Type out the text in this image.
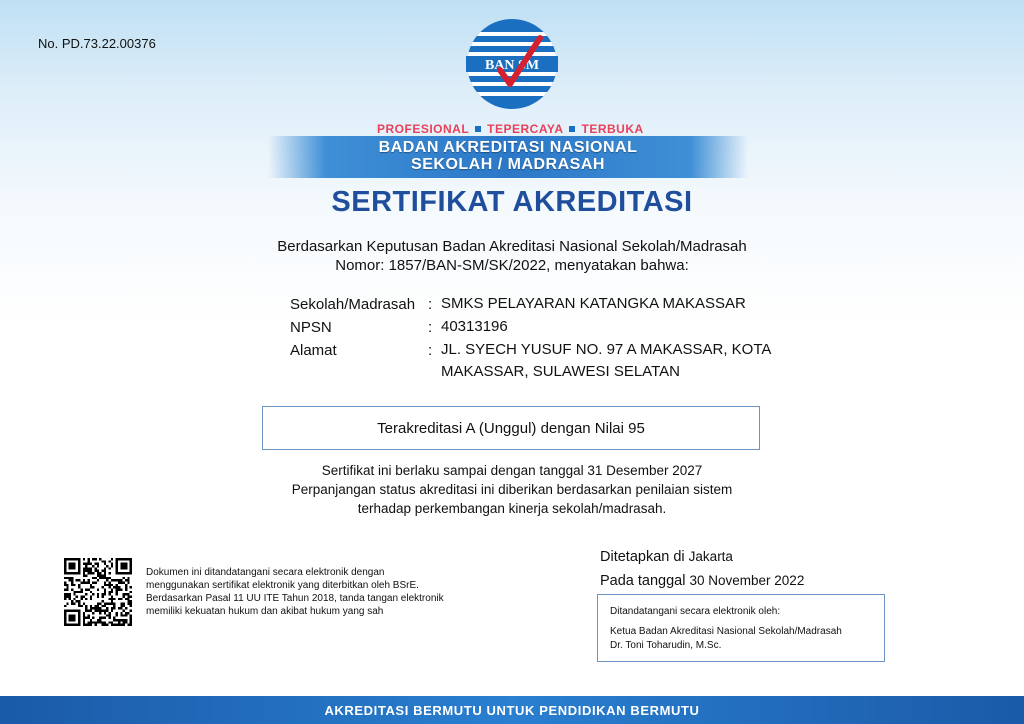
No. PD.73.22.00376
BAN SM
PROFESIONAL TEPERCAYA TERBUKA
BADAN AKREDITASI NASIONAL
SEKOLAH / MADRASAH
SERTIFIKAT AKREDITASI
Berdasarkan Keputusan Badan Akreditasi Nasional Sekolah/Madrasah
Nomor: 1857/BAN-SM/SK/2022, menyatakan bahwa:
Sekolah/Madrasah : SMKS PELAYARAN KATANGKA MAKASSAR
NPSN	: 40313196
Alamat	: JL. SYECH YUSUF NO. 97 A MAKASSAR, KOTA
MAKASSAR, SULAWESI SELATAN
Terakreditasi A (Unggul) dengan Nilai 95
Sertifikat ini berlaku sampai dengan tanggal 31 Desember 2027
Perpanjangan status akreditasi ini diberikan berdasarkan penilaian sistem
terhadap perkembangan kinerja sekolah/madrasah.
Dokumen ini ditandatangani secara elektronik dengan
menggunakan sertifikat elektronik yang diterbitkan oleh BSrE.
Berdasarkan Pasal 11 UU ITE Tahun 2018, tanda tangan elektronik
memiliki kekuatan hukum dan akibat hukum yang sah
Ditetapkan di Jakarta
Pada tanggal 30 November 2022
Ditandatangani secara elektronik oleh:
Ketua Badan Akreditasi Nasional Sekolah/Madrasah
Dr. Toni Toharudin, M.Sc.
AKREDITASI BERMUTU UNTUK PENDIDIKAN BERMUTU
